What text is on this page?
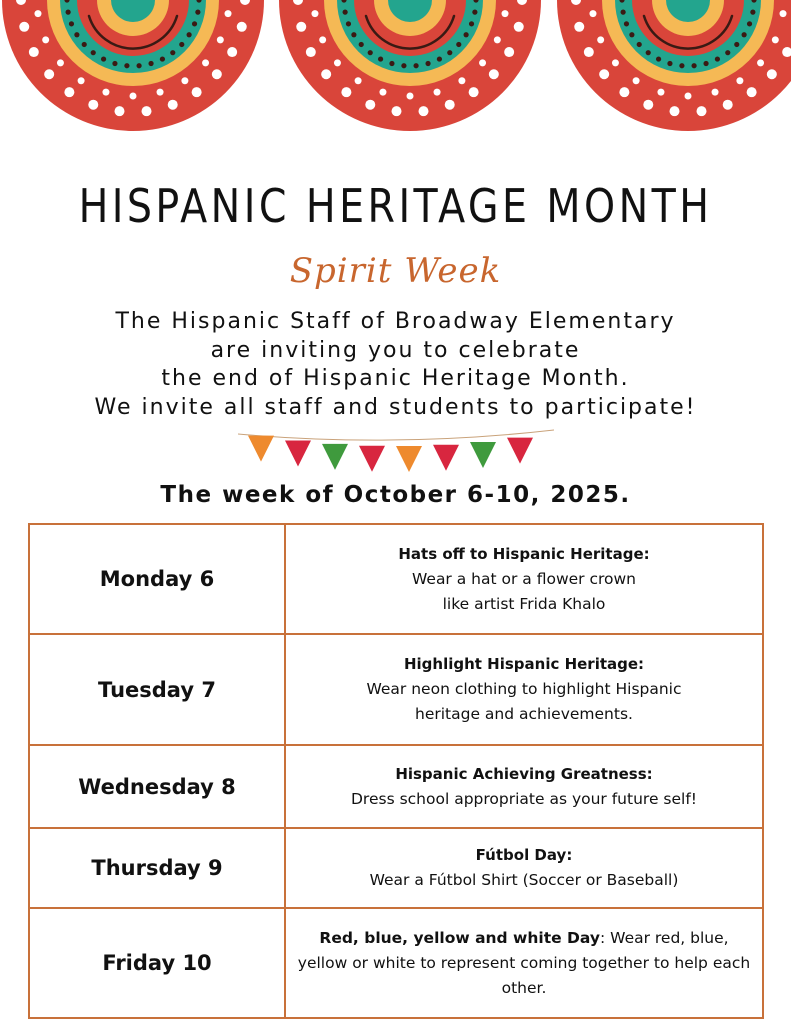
HISPANIC HERITAGE MONTH
Spirit Week
The Hispanic Staff of Broadway Elementary
are inviting you to celebrate
the end of Hispanic Heritage Month.
We invite all staff and students to participate!
The week of October 6-10, 2025.
Monday 6	Hats off to Hispanic Heritage:
Wear a hat or a flower crown
like artist Frida Khalo

Tuesday 7	Highlight Hispanic Heritage:
Wear neon clothing to highlight Hispanic
heritage and achievements.

Wednesday 8	Hispanic Achieving Greatness:
Dress school appropriate as your future self!

Thursday 9	Fútbol Day:
Wear a Fútbol Shirt (Soccer or Baseball)

Friday 10	Red, blue, yellow and white Day: Wear red, blue, yellow or white to represent coming together to help each other.
